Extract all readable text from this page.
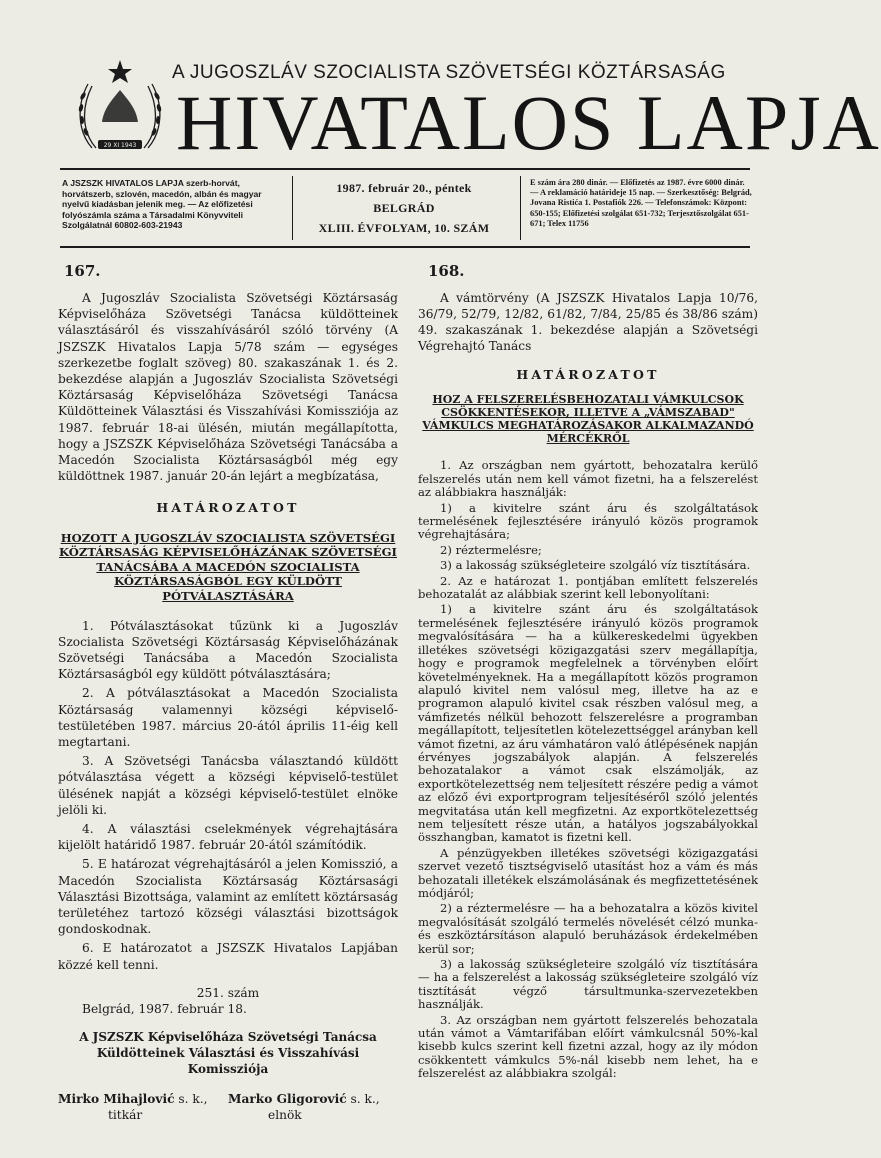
29 XI 1943
A JUGOSZLÁV SZOCIALISTA SZÖVETSÉGI KÖZTÁRSASÁG
HIVATALOS LAPJA
A JSZSZK HIVATALOS LAPJA szerb-horvát, horvátszerb, szlovén, macedón, albán és magyar nyelvű kiadásban jelenik meg. — Az előfizetési folyószámla száma a Társadalmi Könyvviteli Szolgálatnál 60802-603-21943
1987. február 20., péntek
BELGRÁD
XLIII. ÉVFOLYAM, 10. SZÁM
E szám ára 280 dinár. — Előfizetés az 1987. évre 6000 dinár. — A reklamáció határideje 15 nap. — Szerkesztőség: Belgrád, Jovana Ristića 1. Postafiók 226. — Telefonszámok: Központ: 650-155; Előfizetési szolgálat 651-732; Terjesztőszolgálat 651-671; Telex 11756
167.

A Jugoszláv Szocialista Szövetségi Köztársaság Képviselőháza Szövetségi Tanácsa küldötteinek választásáról és visszahívásáról szóló törvény (A JSZSZK Hivatalos Lapja 5/78 szám — egységes szerkezetbe foglalt szöveg) 80. szakaszának 1. és 2. bekezdése alapján a Jugoszláv Szocialista Szövetségi Köztársaság Képviselőháza Szövetségi Tanácsa Küldötteinek Választási és Visszahívási Komissziója az 1987. február 18-ai ülésén, miután megállapította, hogy a JSZSZK Képviselőháza Szövetségi Tanácsába a Macedón Szocialista Köztársaságból még egy küldöttnek 1987. január 20-án lejárt a megbízatása,

HATÁROZATOT
HOZOTT A JUGOSZLÁV SZOCIALISTA SZÖVETSÉGI KÖZTÁRSASÁG KÉPVISELŐHÁZÁNAK SZÖVETSÉGI TANÁCSÁBA A MACEDÓN SZOCIALISTA KÖZTÁRSASÁGBÓL EGY KÜLDÖTT PÓTVÁLASZTÁSÁRA

1. Pótválasztásokat tűzünk ki a Jugoszláv Szocialista Szövetségi Köztársaság Képviselőházának Szövetségi Tanácsába a Macedón Szocialista Köztársaságból egy küldött pótválasztására;

2. A pótválasztásokat a Macedón Szocialista Köztársaság valamennyi községi képviselő-testületében 1987. március 20-ától április 11-éig kell megtartani.

3. A Szövetségi Tanácsba választandó küldött pótválasztása végett a községi képviselő-testület ülésének napját a községi képviselő-testület elnöke jelöli ki.

4. A választási cselekmények végrehajtására kijelölt határidő 1987. február 20-ától számítódik.

5. E határozat végrehajtásáról a jelen Komisszió, a Macedón Szocialista Köztársaság Köztársasági Választási Bizottsága, valamint az említett köztársaság területéhez tartozó községi választási bizottságok gondoskodnak.

6. E határozatot a JSZSZK Hivatalos Lapjában közzé kell tenni.

251. szám
Belgrád, 1987. február 18.
A JSZSZK Képviselőháza Szövetségi Tanácsa Küldötteinek Választási és Visszahívási Komissziója
Mirko Mihajlović s. k.,
titkár
Marko Gligorović s. k.,
elnök
168.

A vámtörvény (A JSZSZK Hivatalos Lapja 10/76, 36/79, 52/79, 12/82, 61/82, 7/84, 25/85 és 38/86 szám) 49. szakaszának 1. bekezdése alapján a Szövetségi Végrehajtó Tanács

HATÁROZATOT
HOZ A FELSZERELÉSBEHOZATALI VÁMKULCSOK CSÖKKENTÉSEKOR, ILLETVE A „VÁMSZABAD" VÁMKULCS MEGHATÁROZÁSAKOR ALKALMAZANDÓ MÉRCÉKRŐL

1. Az országban nem gyártott, behozatalra kerülő felszerelés után nem kell vámot fizetni, ha a felszerelést az alábbiakra használják:

1) a kivitelre szánt áru és szolgáltatások termelésének fejlesztésére irányuló közös programok végrehajtására;

2) réztermelésre;

3) a lakosság szükségleteire szolgáló víz tisztítására.

2. Az e határozat 1. pontjában említett felszerelés behozatalát az alábbiak szerint kell lebonyolítani:

1) a kivitelre szánt áru és szolgáltatások termelésének fejlesztésére irányuló közös programok megvalósítására — ha a külkereskedelmi ügyekben illetékes szövetségi közigazgatási szerv megállapítja, hogy e programok megfelelnek a törvényben előírt követelményeknek. Ha a megállapított közös programon alapuló kivitel nem valósul meg, illetve ha az e programon alapuló kivitel csak részben valósul meg, a vámfizetés nélkül behozott felszerelésre a programban megállapított, teljesítetlen kötelezettséggel arányban kell vámot fizetni, az áru vámhatáron való átlépésének napján érvényes jogszabályok alapján. A felszerelés behozatalakor a vámot csak elszámolják, az exportkötelezettség nem teljesített részére pedig a vámot az előző évi exportprogram teljesítéséről szóló jelentés megvitatása után kell megfizetni. Az exportkötelezettség nem teljesített része után, a hatályos jogszabályokkal összhangban, kamatot is fizetni kell.

A pénzügyekben illetékes szövetségi közigazgatási szervet vezető tisztségviselő utasítást hoz a vám és más behozatali illetékek elszámolásának és megfizettetésének módjáról;

2) a réztermelésre — ha a behozatalra a közös kivitel megvalósítását szolgáló termelés növelését célzó munka- és eszköztársításon alapuló beruházások érdekelmében kerül sor;

3) a lakosság szükségleteire szolgáló víz tisztítására — ha a felszerelést a lakosság szükségleteire szolgáló víz tisztítását végző társultmunka-szervezetekben használják.

3. Az országban nem gyártott felszerelés behozatala után vámot a Vámtarifában előírt vámkulcsnál 50%-kal kisebb kulcs szerint kell fizetni azzal, hogy az ily módon csökkentett vámkulcs 5%-nál kisebb nem lehet, ha e felszerelést az alábbiakra szolgál:
